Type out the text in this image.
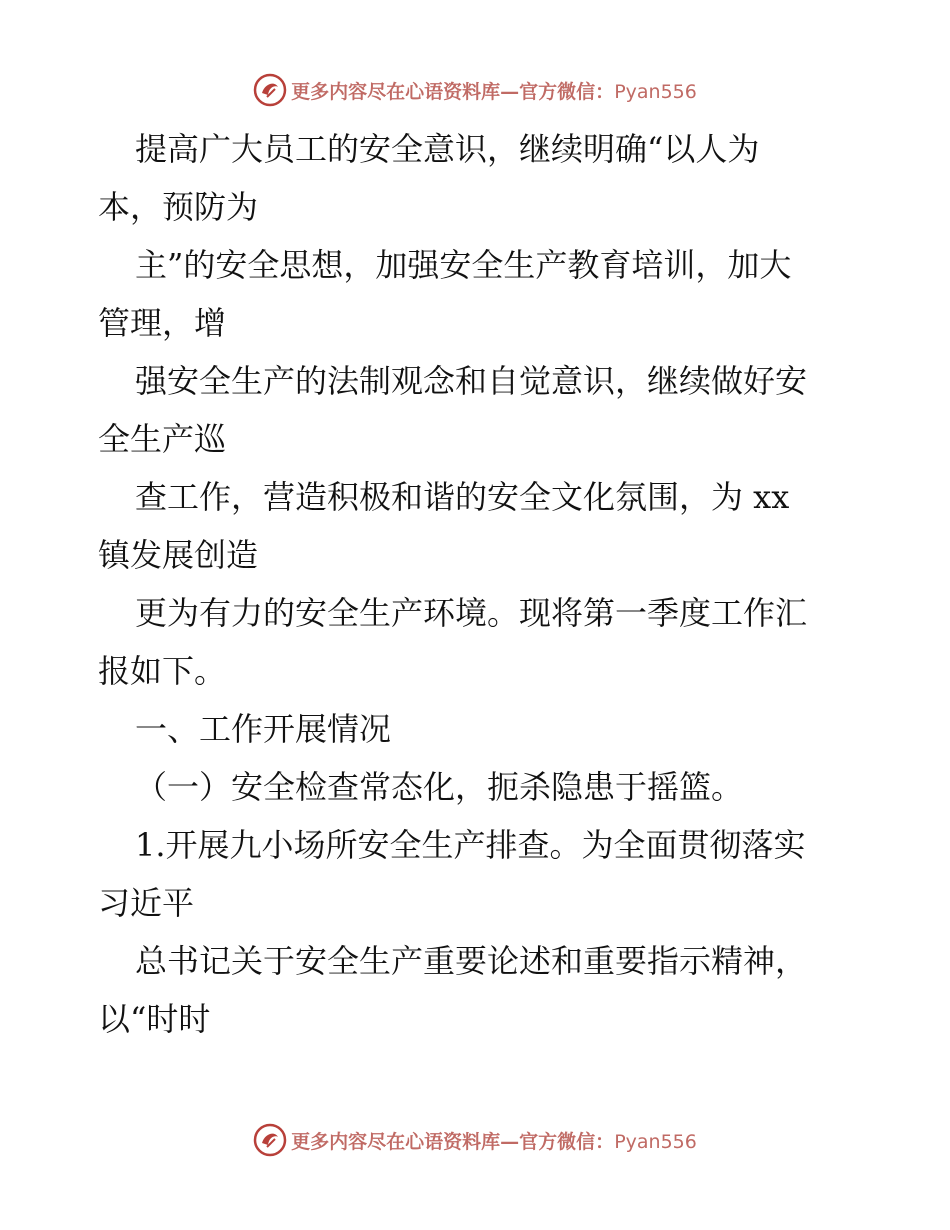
更多内容尽在心语资料库—官方微信：Pyan556
提高广大员工的安全意识，继续明确“以人为
本，预防为
主”的安全思想，加强安全生产教育培训，加大
管理，增
强安全生产的法制观念和自觉意识，继续做好安
全生产巡
查工作，营造积极和谐的安全文化氛围，为 xx
镇发展创造
更为有力的安全生产环境。现将第一季度工作汇
报如下。
一、工作开展情况
（一）安全检查常态化，扼杀隐患于摇篮。
1.开展九小场所安全生产排查。为全面贯彻落实
习近平
总书记关于安全生产重要论述和重要指示精神，
以“时时
更多内容尽在心语资料库—官方微信：Pyan556
